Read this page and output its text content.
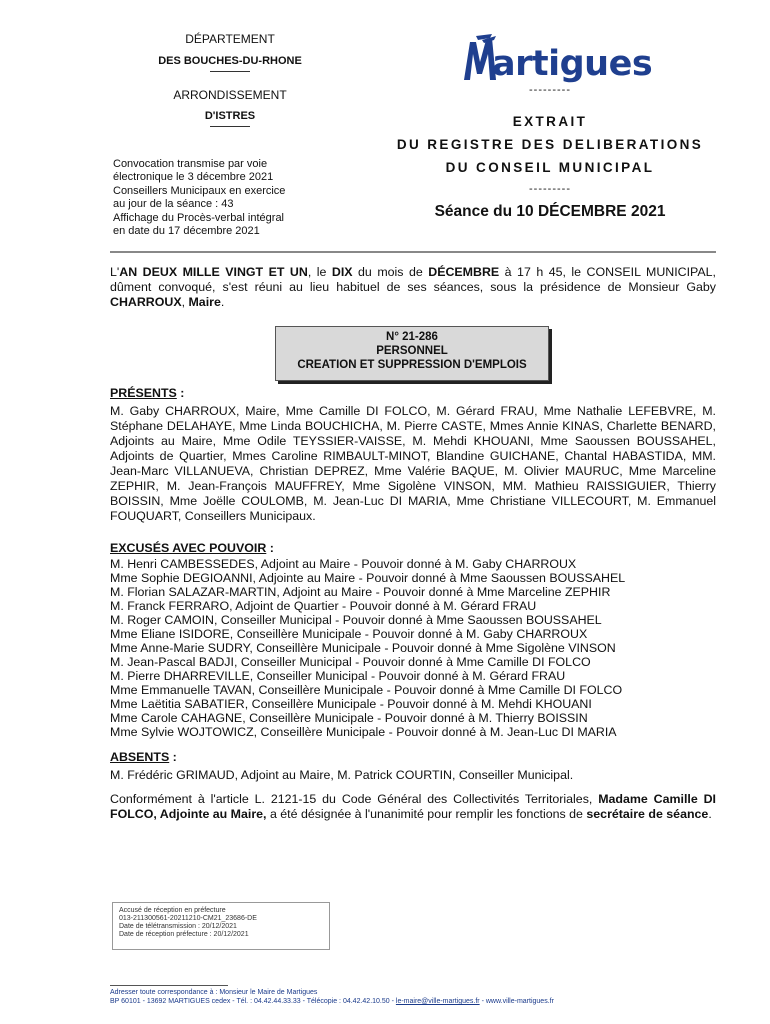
DÉPARTEMENT
DES BOUCHES-DU-RHONE
ARRONDISSEMENT
D'ISTRES
Convocation transmise par voie
électronique le 3 décembre 2021
Conseillers Municipaux en exercice
au jour de la séance : 43
Affichage du Procès-verbal intégral
en date du 17 décembre 2021
artigues
---------
EXTRAIT
DU REGISTRE DES DELIBERATIONS
DU CONSEIL MUNICIPAL
---------
Séance du 10 DÉCEMBRE 2021
L'AN DEUX MILLE VINGT ET UN, le DIX du mois de DÉCEMBRE à 17 h 45, le CONSEIL MUNICIPAL, dûment convoqué, s'est réuni au lieu habituel de ses séances, sous la présidence de Monsieur Gaby CHARROUX, Maire.
N° 21-286
PERSONNEL
CREATION ET SUPPRESSION D'EMPLOIS
PRÉSENTS :
M. Gaby CHARROUX, Maire, Mme Camille DI FOLCO, M. Gérard FRAU, Mme Nathalie LEFEBVRE, M. Stéphane DELAHAYE, Mme Linda BOUCHICHA, M. Pierre CASTE, Mmes Annie KINAS, Charlette BENARD, Adjoints au Maire, Mme Odile TEYSSIER-VAISSE, M. Mehdi KHOUANI, Mme Saoussen BOUSSAHEL, Adjoints de Quartier, Mmes Caroline RIMBAULT-MINOT, Blandine GUICHANE, Chantal HABASTIDA, MM. Jean-Marc VILLANUEVA, Christian DEPREZ, Mme Valérie BAQUE, M. Olivier MAURUC, Mme Marceline ZEPHIR, M. Jean-François MAUFFREY, Mme Sigolène VINSON, MM. Mathieu RAISSIGUIER, Thierry BOISSIN, Mme Joëlle COULOMB, M. Jean-Luc DI MARIA, Mme Christiane VILLECOURT, M. Emmanuel FOUQUART, Conseillers Municipaux.
EXCUSÉS AVEC POUVOIR :
M. Henri CAMBESSEDES, Adjoint au Maire - Pouvoir donné à M. Gaby CHARROUX
Mme Sophie DEGIOANNI, Adjointe au Maire - Pouvoir donné à Mme Saoussen BOUSSAHEL
M. Florian SALAZAR-MARTIN, Adjoint au Maire - Pouvoir donné à Mme Marceline ZEPHIR
M. Franck FERRARO, Adjoint de Quartier - Pouvoir donné à M. Gérard FRAU
M. Roger CAMOIN, Conseiller Municipal - Pouvoir donné à Mme Saoussen BOUSSAHEL
Mme Eliane ISIDORE, Conseillère Municipale - Pouvoir donné à M. Gaby CHARROUX
Mme Anne-Marie SUDRY, Conseillère Municipale - Pouvoir donné à Mme Sigolène VINSON
M. Jean-Pascal BADJI, Conseiller Municipal - Pouvoir donné à Mme Camille DI FOLCO
M. Pierre DHARREVILLE, Conseiller Municipal - Pouvoir donné à M. Gérard FRAU
Mme Emmanuelle TAVAN, Conseillère Municipale - Pouvoir donné à Mme Camille DI FOLCO
Mme Laëtitia SABATIER, Conseillère Municipale - Pouvoir donné à M. Mehdi KHOUANI
Mme Carole CAHAGNE, Conseillère Municipale - Pouvoir donné à M. Thierry BOISSIN
Mme Sylvie WOJTOWICZ, Conseillère Municipale - Pouvoir donné à M. Jean-Luc DI MARIA
ABSENTS :
M. Frédéric GRIMAUD, Adjoint au Maire, M. Patrick COURTIN, Conseiller Municipal.
Conformément à l'article L. 2121-15 du Code Général des Collectivités Territoriales, Madame Camille DI FOLCO, Adjointe au Maire, a été désignée à l'unanimité pour remplir les fonctions de secrétaire de séance.
Accusé de réception en préfecture
013-211300561-20211210-CM21_23686-DE
Date de télétransmission : 20/12/2021
Date de réception préfecture : 20/12/2021
Adresser toute correspondance à : Monsieur le Maire de Martigues
BP 60101 - 13692 MARTIGUES cedex - Tél. : 04.42.44.33.33 - Télécopie : 04.42.42.10.50 - le-maire@ville-martigues.fr - www.ville-martigues.fr
